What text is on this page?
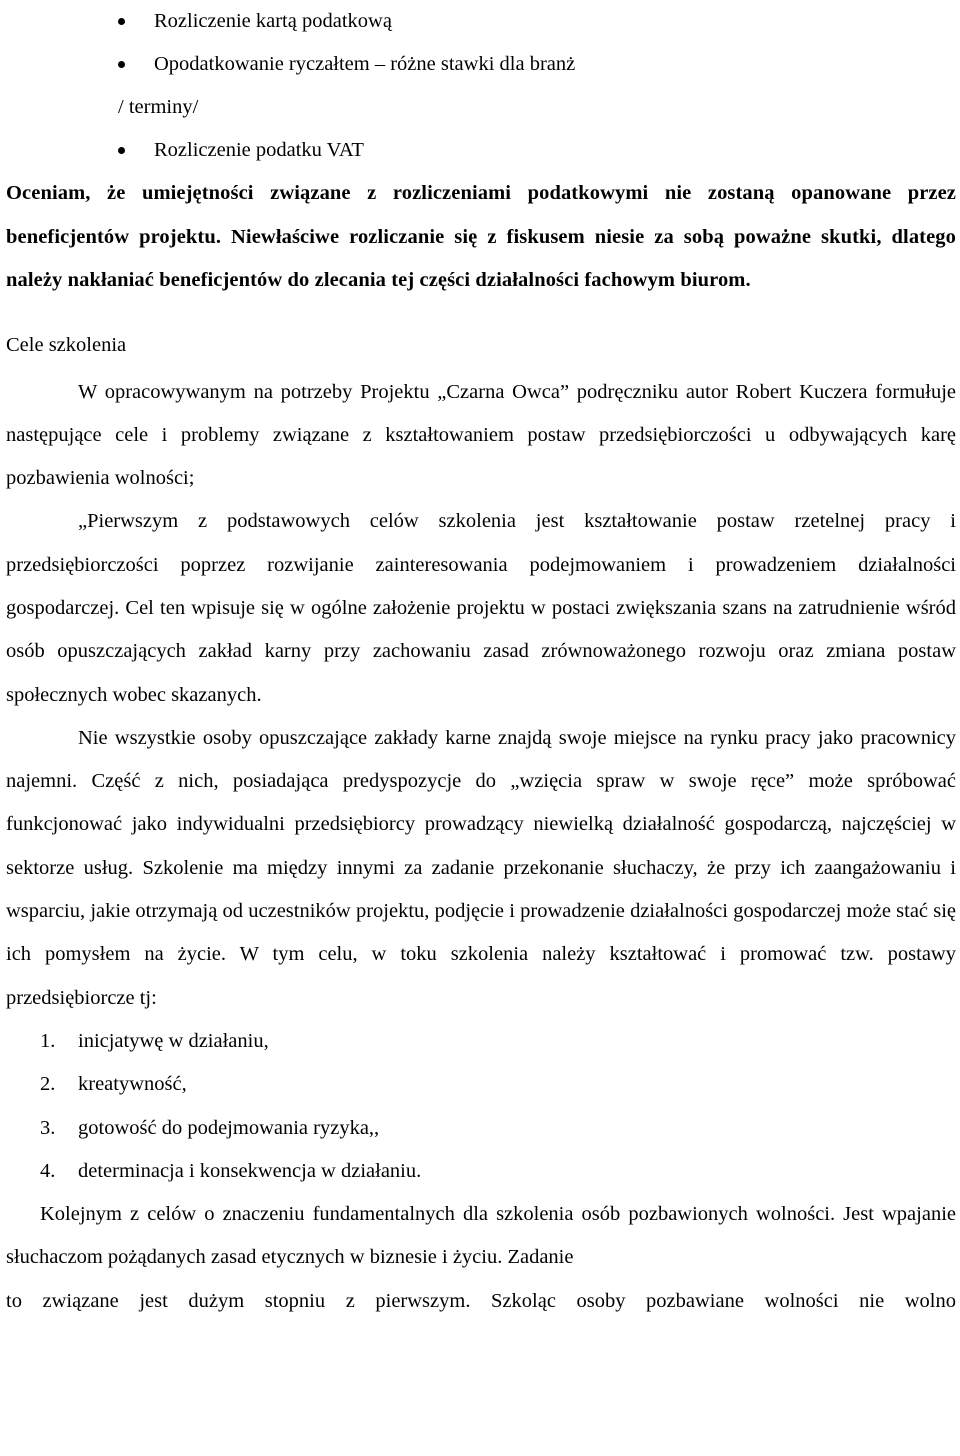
Rozliczenie kartą podatkową
Opodatkowanie ryczałtem – różne stawki dla branż
/ terminy/
Rozliczenie podatku VAT

Oceniam, że umiejętności związane z rozliczeniami podatkowymi nie zostaną opanowane przez beneficjentów projektu. Niewłaściwe rozliczanie się z fiskusem niesie za sobą poważne skutki, dlatego należy nakłaniać beneficjentów do zlecania tej części działalności fachowym biurom.

Cele szkolenia

W opracowywanym na potrzeby Projektu „Czarna Owca” podręczniku autor Robert Kuczera formułuje następujące cele i problemy związane z kształtowaniem postaw przedsiębiorczości u odbywających karę pozbawienia wolności;

„Pierwszym z podstawowych celów szkolenia jest kształtowanie postaw rzetelnej pracy i przedsiębiorczości poprzez rozwijanie zainteresowania podejmowaniem i prowadzeniem działalności gospodarczej. Cel ten wpisuje się w ogólne założenie projektu w postaci zwiększania szans na zatrudnienie wśród osób opuszczających zakład karny przy zachowaniu zasad zrównoważonego rozwoju oraz zmiana postaw społecznych wobec skazanych.

Nie wszystkie osoby opuszczające zakłady karne znajdą swoje miejsce na rynku pracy jako pracownicy najemni. Część z nich, posiadająca predyspozycje do „wzięcia spraw w swoje ręce” może spróbować funkcjonować jako indywidualni przedsiębiorcy prowadzący niewielką działalność gospodarczą, najczęściej w sektorze usług. Szkolenie ma między innymi za zadanie przekonanie słuchaczy, że przy ich zaangażowaniu i wsparciu, jakie otrzymają od uczestników projektu, podjęcie i prowadzenie działalności gospodarczej może stać się ich pomysłem na życie. W tym celu, w toku szkolenia należy kształtować i promować tzw. postawy przedsiębiorcze tj:

1. inicjatywę w działaniu,
2. kreatywność,
3. gotowość do podejmowania ryzyka,,
4. determinacja i konsekwencja w działaniu.

Kolejnym z celów o znaczeniu fundamentalnych dla szkolenia osób pozbawionych wolności. Jest wpajanie słuchaczom pożądanych zasad etycznych w biznesie i życiu. Zadanie

to związane jest dużym stopniu z pierwszym. Szkoląc osoby pozbawiane wolności nie wolno
